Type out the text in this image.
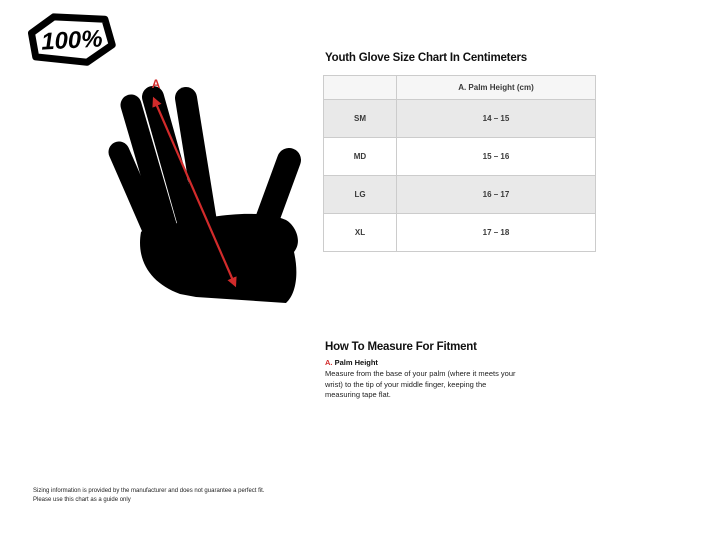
100%
A
Youth Glove Size Chart In Centimeters
	A. Palm Height (cm)
SM	14 – 15
MD	15 – 16
LG	16 – 17
XL	17 – 18
How To Measure For Fitment
A. Palm Height

Measure from the base of your palm (where it meets your wrist) to the tip of your middle finger, keeping the measuring tape flat.

Sizing information is provided by the manufacturer and does not guarantee a perfect fit.
Please use this chart as a guide only
